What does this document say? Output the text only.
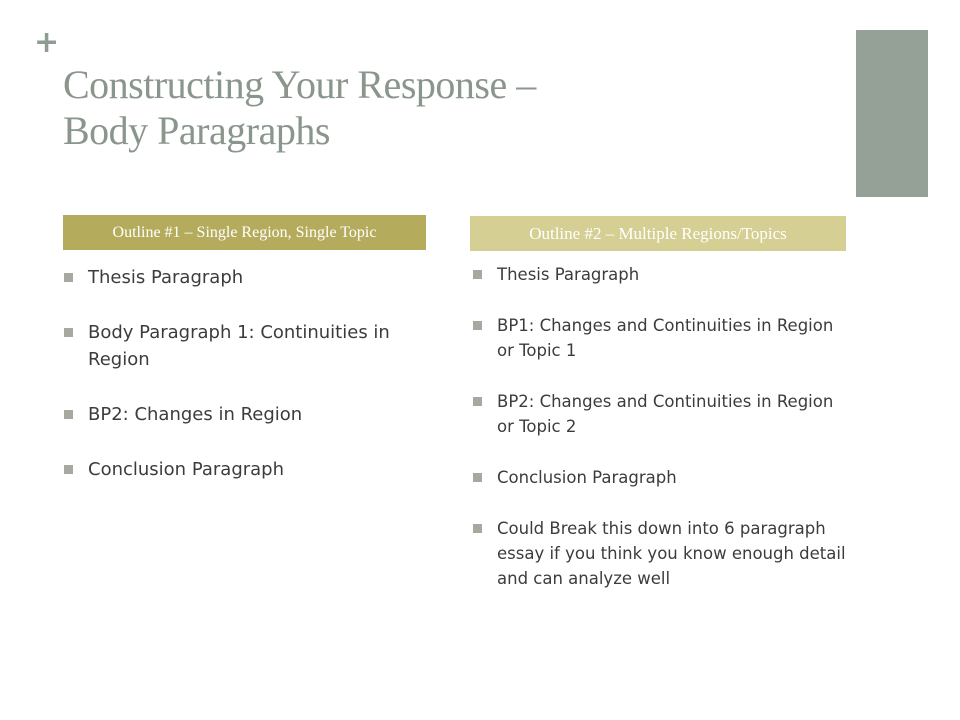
+
Constructing Your Response –
Body Paragraphs
Outline #1 – Single Region, Single Topic	Outline #2 – Multiple Regions/Topics
Thesis Paragraph
Body Paragraph 1: Continuities in Region
BP2: Changes in Region
Conclusion Paragraph
Thesis Paragraph
BP1: Changes and Continuities in Region or Topic 1
BP2: Changes and Continuities in Region or Topic 2
Conclusion Paragraph
Could Break this down into 6 paragraph essay if you think you know enough detail and can analyze well
